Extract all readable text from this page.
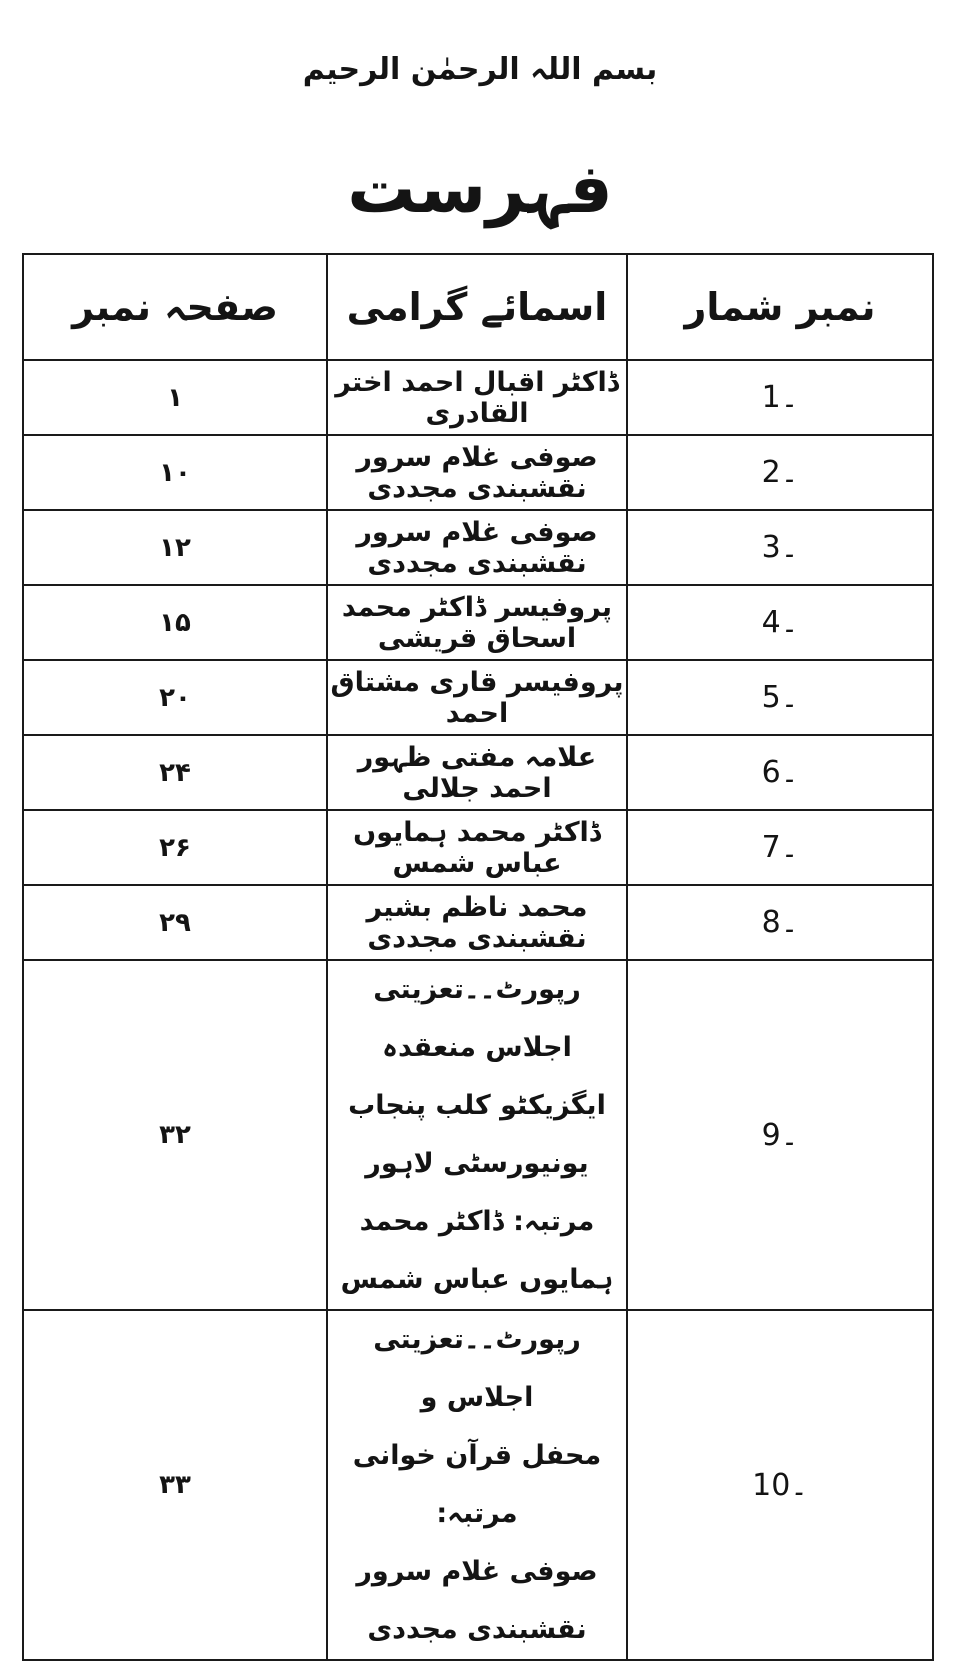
بسم اللہ الرحمٰن الرحیم
فہرست
صفحہ نمبر	اسمائے گرامی	نمبر شمار
۱	ڈاکٹر اقبال احمد اختر القادری	1۔
۱۰	صوفی غلام سرور نقشبندی مجددی	2۔
۱۲	صوفی غلام سرور نقشبندی مجددی	3۔
۱۵	پروفیسر ڈاکٹر محمد اسحاق قریشی	4۔
۲۰	پروفیسر قاری مشتاق احمد	5۔
۲۴	علامہ مفتی ظہور احمد جلالی	6۔
۲۶	ڈاکٹر محمد ہمایوں عباس شمس	7۔
۲۹	محمد ناظم بشیر نقشبندی مجددی	8۔
۳۲	رپورٹ۔۔تعزیتی اجلاس منعقدہ
ایگزیکٹو کلب پنجاب یونیورسٹی لاہور
مرتبہ: ڈاکٹر محمد ہمایوں عباس شمس	9۔
۳۳	رپورٹ۔۔تعزیتی اجلاس و
محفل قرآن خوانی
مرتبہ:
صوفی غلام سرور نقشبندی مجددی	10۔
